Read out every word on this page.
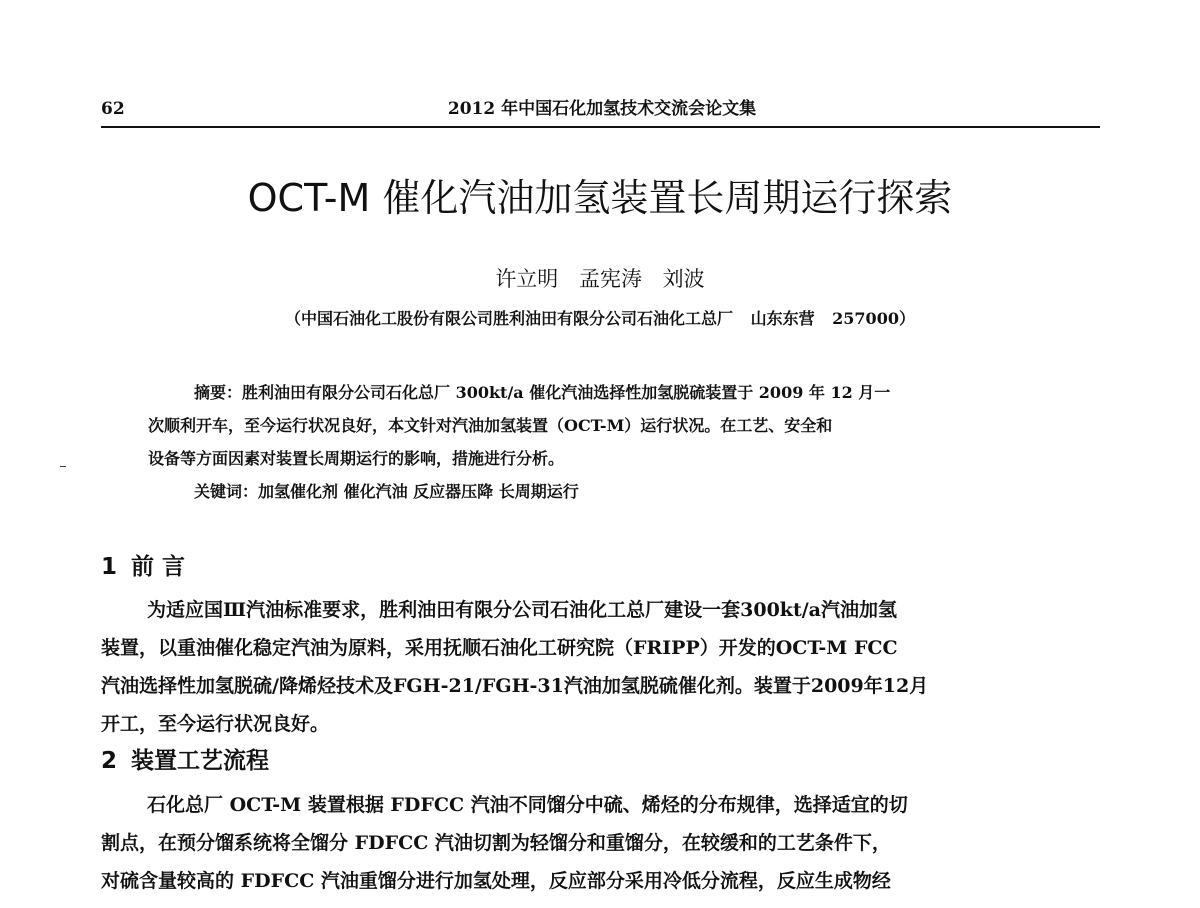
62	2012 年中国石化加氢技术交流会论文集
OCT-M 催化汽油加氢装置长周期运行探索
许立明 孟宪涛 刘波
（中国石油化工股份有限公司胜利油田有限分公司石油化工总厂 山东东营 257000）
摘要：胜利油田有限分公司石化总厂 300kt/a 催化汽油选择性加氢脱硫装置于 2009 年 12 月一
次顺利开车，至今运行状况良好，本文针对汽油加氢装置（OCT-M）运行状况。在工艺、安全和
设备等方面因素对装置长周期运行的影响，措施进行分析。
关键词：加氢催化剂 催化汽油 反应器压降 长周期运行
1 前 言
为适应国Ⅲ汽油标准要求，胜利油田有限分公司石油化工总厂建设一套300kt/a汽油加氢
装置，以重油催化稳定汽油为原料，采用抚顺石油化工研究院（FRIPP）开发的OCT-M FCC
汽油选择性加氢脱硫/降烯烃技术及FGH-21/FGH-31汽油加氢脱硫催化剂。装置于2009年12月
开工，至今运行状况良好。
2 装置工艺流程
石化总厂 OCT-M 装置根据 FDFCC 汽油不同馏分中硫、烯烃的分布规律，选择适宜的切
割点，在预分馏系统将全馏分 FDFCC 汽油切割为轻馏分和重馏分，在较缓和的工艺条件下，
对硫含量较高的 FDFCC 汽油重馏分进行加氢处理，反应部分采用冷低分流程，反应生成物经
